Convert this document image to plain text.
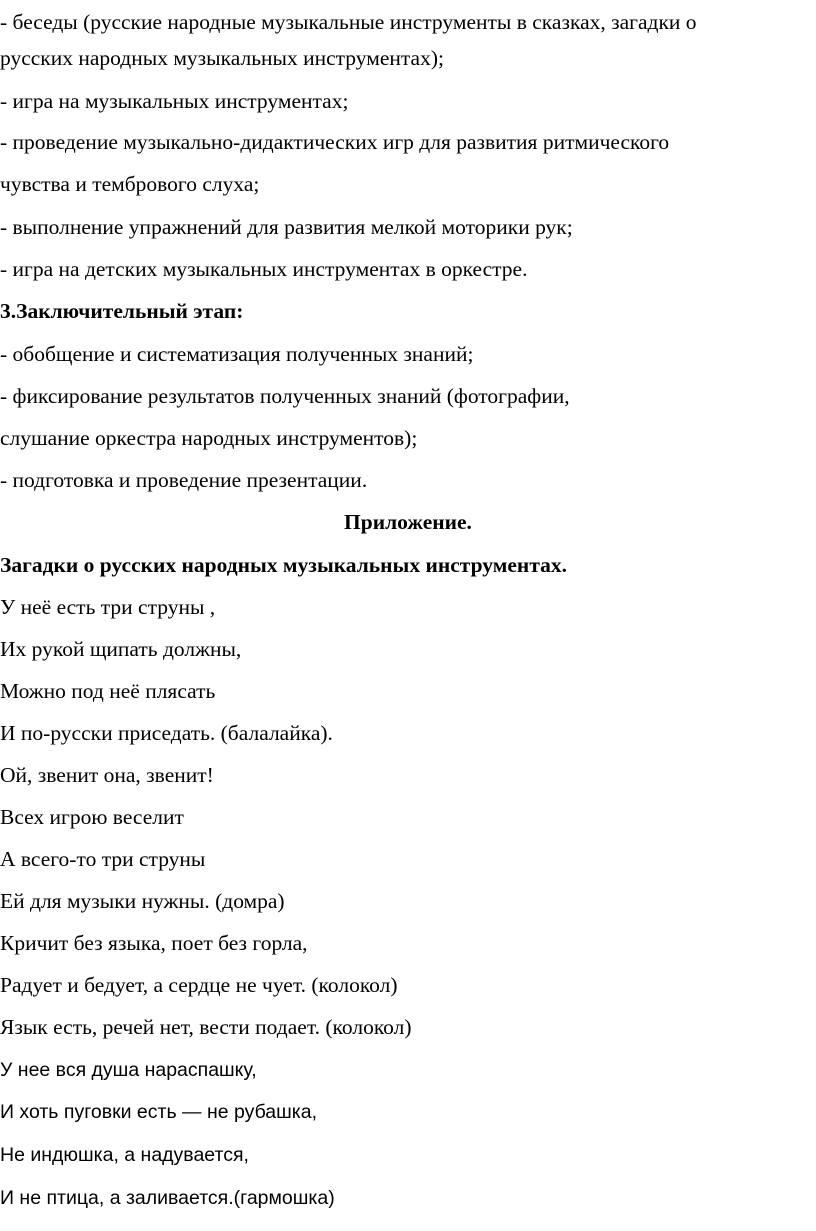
- беседы (русские народные музыкальные инструменты в сказках, загадки о
русских народных музыкальных инструментах);
- игра на музыкальных инструментах;
- проведение музыкально-дидактических игр для развития ритмического
чувства и тембрового слуха;
- выполнение упражнений для развития мелкой моторики рук;
- игра на детских музыкальных инструментах в оркестре.
3.Заключительный этап:
- обобщение и систематизация полученных знаний;
- фиксирование результатов полученных знаний (фотографии,
слушание оркестра народных инструментов);
- подготовка и проведение презентации.
Приложение.
Загадки о русских народных музыкальных инструментах.
У неё есть три струны ,
Их рукой щипать должны,
Можно под неё плясать
И по-русски приседать. (балалайка).
Ой, звенит она, звенит!
Всех игрою веселит
А всего-то три струны
Ей для музыки нужны. (домра)
Кричит без языка, поет без горла,
Радует и бедует, а сердце не чует. (колокол)
Язык есть, речей нет, вести подает. (колокол)
У нее вся душа нараспашку,
И хоть пуговки есть — не рубашка,
Не индюшка, а надувается,
И не птица, а заливается.(гармошка)
